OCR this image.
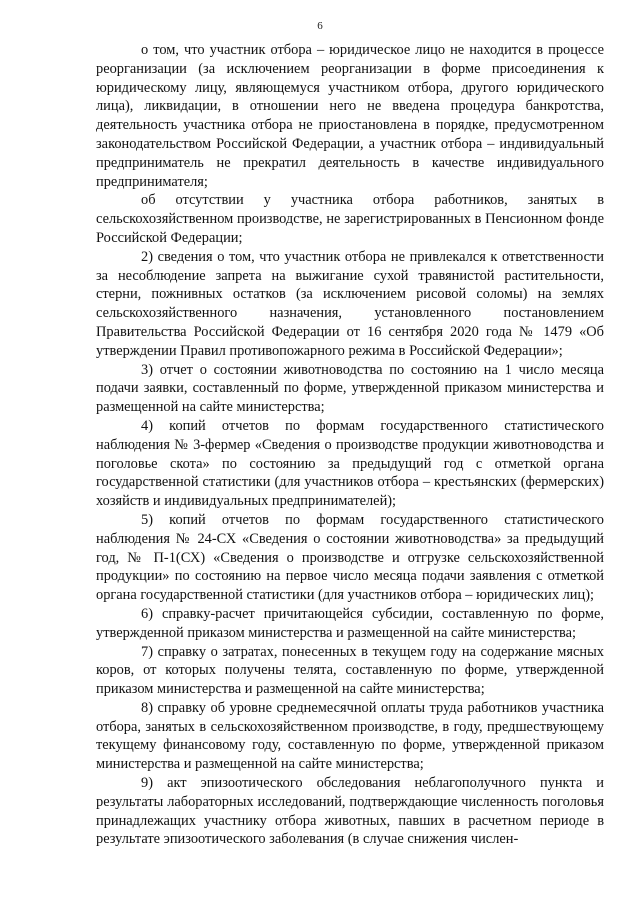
6

о том, что участник отбора – юридическое лицо не находится в процессе реорганизации (за исключением реорганизации в форме присоединения к юридическому лицу, являющемуся участником отбора, другого юридического лица), ликвидации, в отношении него не введена процедура банкротства, деятельность участника отбора не приостановлена в порядке, предусмотренном законодательством Российской Федерации, а участник отбора – индивидуальный предприниматель не прекратил деятельность в качестве индивидуального предпринимателя;

об отсутствии у участника отбора работников, занятых в сельскохозяйственном производстве, не зарегистрированных в Пенсионном фонде Российской Федерации;

2) сведения о том, что участник отбора не привлекался к ответственности за несоблюдение запрета на выжигание сухой травянистой растительности, стерни, пожнивных остатков (за исключением рисовой соломы) на землях сельскохозяйственного назначения, установленного постановлением Правительства Российской Федерации от 16 сентября 2020 года № 1479 «Об утверждении Правил противопожарного режима в Российской Федерации»;

3) отчет о состоянии животноводства по состоянию на 1 число месяца подачи заявки, составленный по форме, утвержденной приказом министерства и размещенной на сайте министерства;

4) копий отчетов по формам государственного статистического наблюдения № 3-фермер «Сведения о производстве продукции животноводства и поголовье скота» по состоянию за предыдущий год с отметкой органа государственной статистики (для участников отбора – крестьянских (фермерских) хозяйств и индивидуальных предпринимателей);

5) копий отчетов по формам государственного статистического наблюдения № 24-СХ «Сведения о состоянии животноводства» за предыдущий год, № П-1(СХ) «Сведения о производстве и отгрузке сельскохозяйственной продукции» по состоянию на первое число месяца подачи заявления с отметкой органа государственной статистики (для участников отбора – юридических лиц);

6) справку-расчет причитающейся субсидии, составленную по форме, утвержденной приказом министерства и размещенной на сайте министерства;

7) справку о затратах, понесенных в текущем году на содержание мясных коров, от которых получены телята, составленную по форме, утвержденной приказом министерства и размещенной на сайте министерства;

8) справку об уровне среднемесячной оплаты труда работников участника отбора, занятых в сельскохозяйственном производстве, в году, предшествующему текущему финансовому году, составленную по форме, утвержденной приказом министерства и размещенной на сайте министерства;

9) акт эпизоотического обследования неблагополучного пункта и результаты лабораторных исследований, подтверждающие численность поголовья принадлежащих участнику отбора животных, павших в расчетном периоде в результате эпизоотического заболевания (в случае снижения числен-
